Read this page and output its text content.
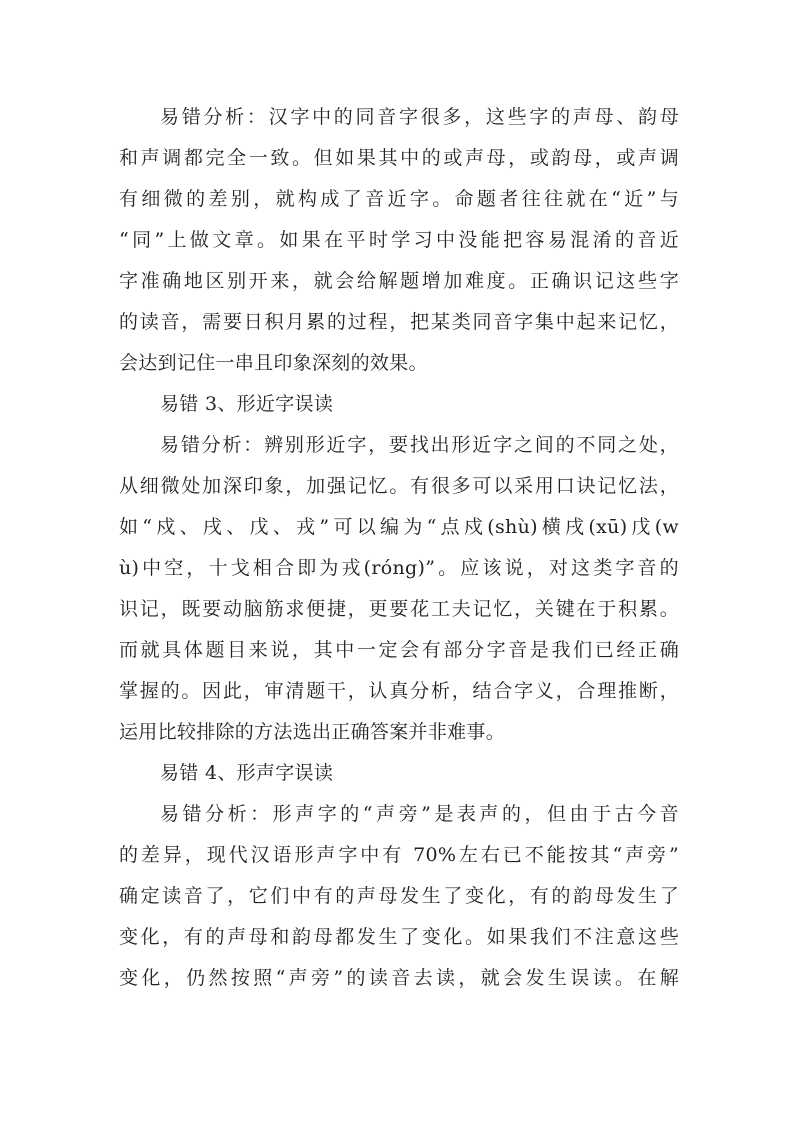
易错分析：汉字中的同音字很多，这些字的声母、韵母
和声调都完全一致。但如果其中的或声母，或韵母，或声调
有细微的差别，就构成了音近字。命题者往往就在“近”与
“同”上做文章。如果在平时学习中没能把容易混淆的音近
字准确地区别开来，就会给解题增加难度。正确识记这些字
的读音，需要日积月累的过程，把某类同音字集中起来记忆，
会达到记住一串且印象深刻的效果。
易错 3、形近字误读
易错分析：辨别形近字，要找出形近字之间的不同之处，
从细微处加深印象，加强记忆。有很多可以采用口诀记忆法，
如“戍、戌、戊、戎”可以编为“点戍(shù)横戌(xū)戊(w
ù)中空，十戈相合即为戎(róng)”。应该说，对这类字音的
识记，既要动脑筋求便捷，更要花工夫记忆，关键在于积累。
而就具体题目来说，其中一定会有部分字音是我们已经正确
掌握的。因此，审清题干，认真分析，结合字义，合理推断，
运用比较排除的方法选出正确答案并非难事。
易错 4、形声字误读
易错分析：形声字的“声旁”是表声的，但由于古今音
的差异，现代汉语形声字中有 70%左右已不能按其“声旁”
确定读音了，它们中有的声母发生了变化，有的韵母发生了
变化，有的声母和韵母都发生了变化。如果我们不注意这些
变化，仍然按照“声旁”的读音去读，就会发生误读。在解
